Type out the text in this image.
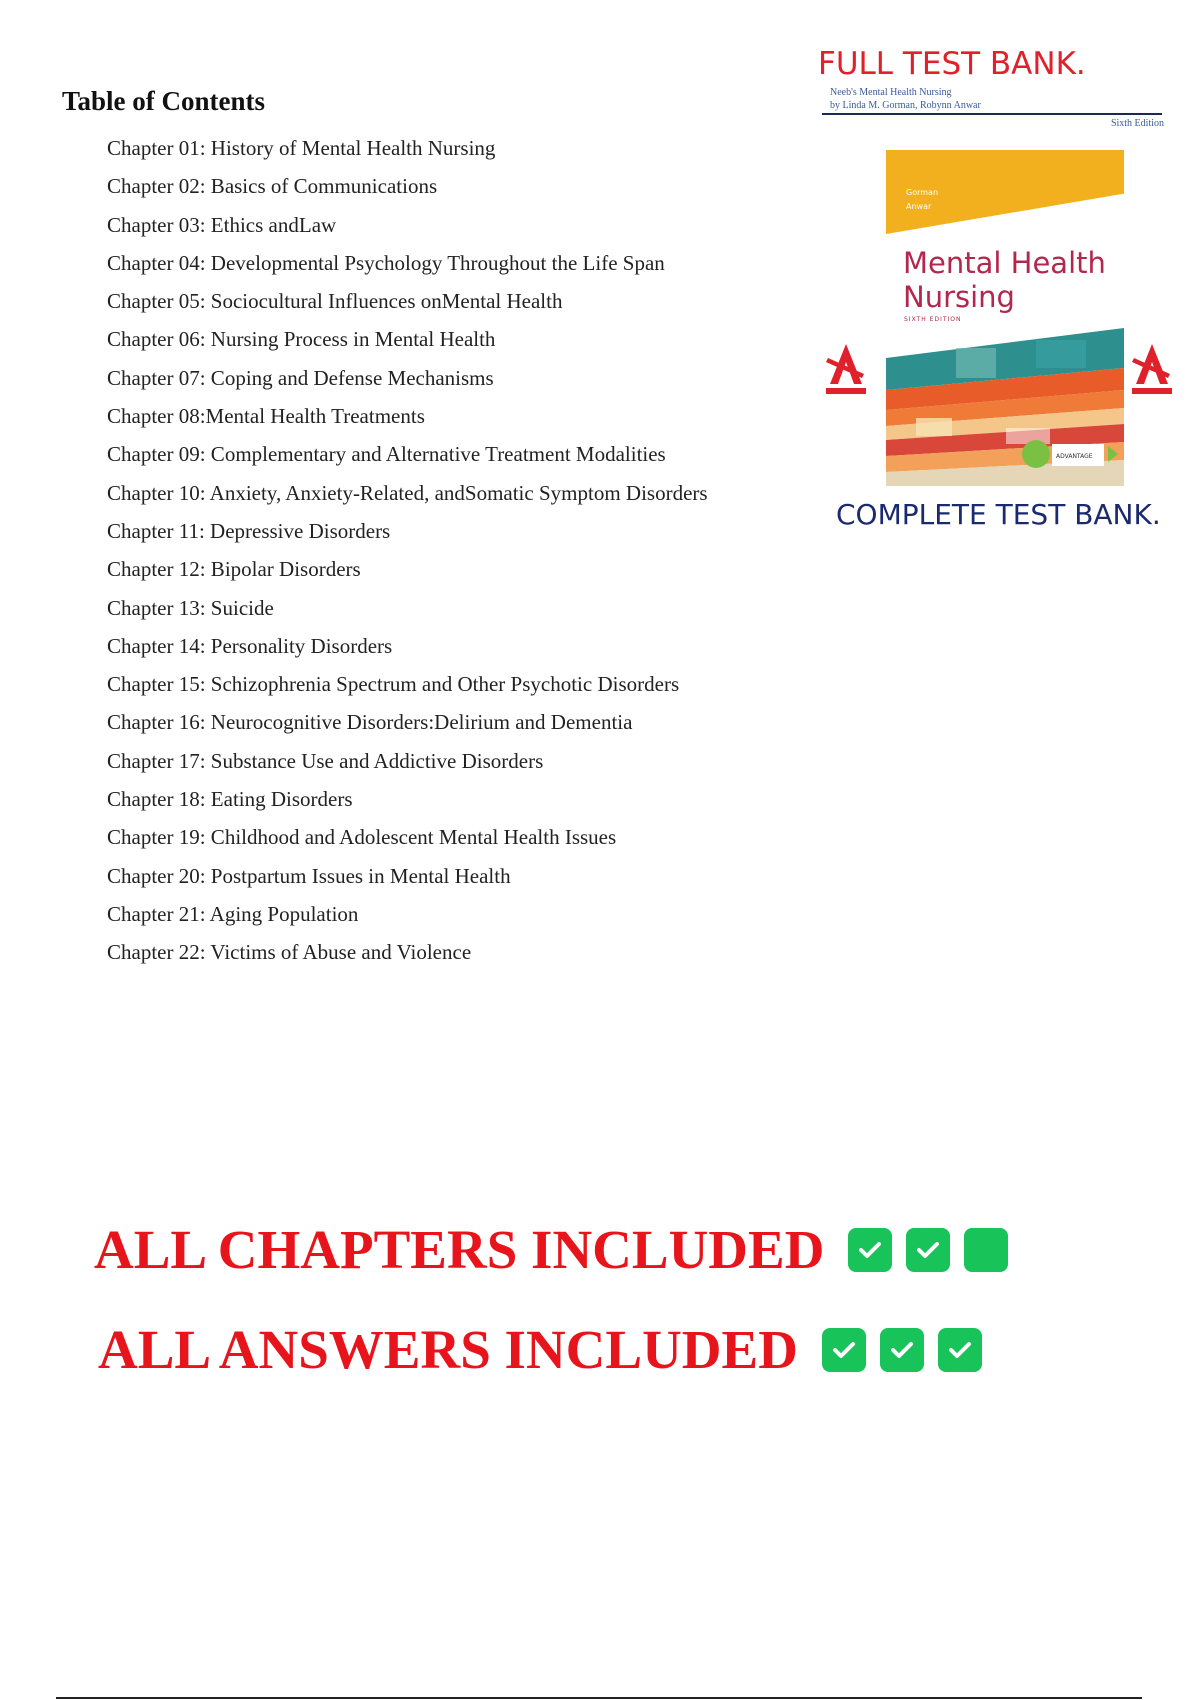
Table of Contents
Chapter 01: History of Mental Health Nursing
Chapter 02: Basics of Communications
Chapter 03: Ethics andLaw
Chapter 04: Developmental Psychology Throughout the Life Span
Chapter 05: Sociocultural Influences onMental Health
Chapter 06: Nursing Process in Mental Health
Chapter 07: Coping and Defense Mechanisms
Chapter 08:Mental Health Treatments
Chapter 09: Complementary and Alternative Treatment Modalities
Chapter 10: Anxiety, Anxiety-Related, andSomatic Symptom Disorders
Chapter 11: Depressive Disorders
Chapter 12: Bipolar Disorders
Chapter 13: Suicide
Chapter 14: Personality Disorders
Chapter 15: Schizophrenia Spectrum and Other Psychotic Disorders
Chapter 16: Neurocognitive Disorders:Delirium and Dementia
Chapter 17: Substance Use and Addictive Disorders
Chapter 18: Eating Disorders
Chapter 19: Childhood and Adolescent Mental Health Issues
Chapter 20: Postpartum Issues in Mental Health
Chapter 21: Aging Population
Chapter 22: Victims of Abuse and Violence
FULL TEST BANK.
Neeb's Mental Health Nursing
by Linda M. Gorman, Robynn Anwar
Sixth Edition
Gorman
Anwar
Mental Health
Nursing
SIXTH EDITION
ADVANTAGE
COMPLETE TEST BANK.
ALL CHAPTERS INCLUDED
ALL ANSWERS INCLUDED
